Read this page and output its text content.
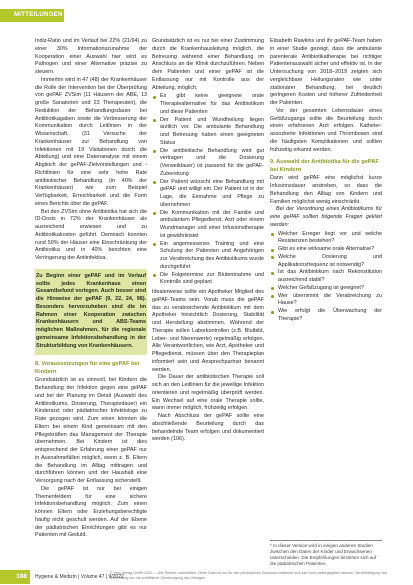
MITTEILUNGEN | KRI

Indiz-Ratio und im Verlauf bei 22% (21/94) zu einer 30% Informationszunahme der Kooperation einer Auswahl hier wird es Pathogen und einer Alternative präzise zu steuern.

Immerhin wird in 47 (48) der Krankenhäuser die Rolle der Intervention bei der Überprüfung von gePAF ZVSim (11 Häusern der ABE, 13 große Sanatorien und 23 Therapeuten), die Reduktion der Behandlungsdauer bei Antibiotikagaben sowie die Verbesserung der Kommunikation durch Leitlinien in der Wissenschaft. (31 Versuche der Krankenhäuser zur Behandlung von Infektionen mit 19 Visitationen durch die Abteilung) und eine Datenanalyse mit einem Abgleich der gePAF-Zielvorstellungen und -Richtlinien für eine sehr hohe Rate antibiotischer Behandlung (in 40% der Krankenhäuser) wie zum Beispiel Verfügbarkeit, Erreichbarkeit und die Form eines Berichts über die gePAF.

Bei den ZVSim ohne Antibiotika hat sich die ID-Dosis in 72% der Krankenhäuser als ausreichend erwiesen und zu Antibiotikakosten geführt. Demnach konnten rund 50% der Häuser eine Einschränkung der Antibiotika und in 40% berichten eine Verringerung der Antiinfektiva.

Zu Beginn einer gePAF und im Verlauf sollte jedes Krankenhaus einen Gesamtbefund vorlegen. Auch besser sind die Hinweise der gePAF (9, 22, 24, 98). Besonders hervorzuheben sind die im Rahmen einer Kooperation zwischen Krankenhäusern und ABS-Teams möglichen Maßnahmen, für die regionale gemeinsame Infektionsbehandlung in der Strukturbildung von Krankenhäusern.
8. Voraussetzungen für eine gePAF bei Kindern

Grundsätzlich ist es sinnvoll, bei Kindern die Behandlung der Infektion gegen eine gePAF und bei der Planung im Detail (Auswahl des Antibiotikums, Dosierung, Therapiedauer) ein Kinderarzt oder pädiatrischer Infektiologe zu Rate gezogen wird. Zum einen könnten die Eltern bei einem Kind gemeinsam mit den Pflegekräften das Management der Therapie übernehmen. Bei Kindern ist dies entsprechend der Erfahrung einer gePAF nur in Ausnahmefällen möglich, wenn z. B. Eltern die Behandlung im Alltag mittragen und durchführen können und der Haushalt eine Versorgung nach der Entlassung sicherstellt.

Die gePAF ist nur bei einigen Themenfeldern für eine sichere Infektionsbehandlung möglich. Zum einen können Eltern oder Erziehungsberechtigte häufig nicht geschult werden. Auf der Ebene der pädiatrischen Einrichtungen gibt es nur Patienten mit Geduld.

Grundsätzlich ist es nur bei einer Zustimmung durch die Krankenhausleitung möglich, die Betreuung während einer Behandlung im Anschluss an die Klinik durchzuführen. Neben dem Patienten und einer gePAF ist die Entlassung nur mit Kontrolle aus der Abteilung, möglich.

Es gibt keine geeignete orale Therapiealternative für das Antibiotikum und diese Patienten
Der Patient und Wundheilung liegen ärztlich vor. Die ambulante Behandlung und Betreuung haben einen geeigneten Status
Die antibiotische Behandlung wird gut vertragen und die Dosierung (Verweildauer) ist passend für die gePAF-Zubereitung
Der Patient wünscht eine Behandlung mit gePAF und willigt ein. Der Patient ist in der Lage, die Einnahme und Pflege zu übernehmen
Die Kommunikation mit der Familie und ambulantem Pflegedienst, Arzt oder einem Wundmanager und einer Infusionstherapie ist gewährleistet
Ein angemessenes Training und eine Schulung der Patienten und Angehörigen zur Verabreichung des Antibiotikums wurde durchgeführt
Die Folgetermine zur Blutentnahme und Kontrolle sind geplant

Idealerweise sollte ein Apotheker Mitglied des gePAF-Teams sein. Vorab muss die gePAF das zu verabreichende Antibiotikum mit dem Apotheker hinsichtlich Dosierung, Stabilität und Herstellung abstimmen. Während der Therapie sollen Laborkontrollen (z.B. Blutbild, Leber- und Nierenwerte) regelmäßig erfolgen. Alle Verantwortlichen, wie Arzt, Apotheker und Pflegedienst, müssen über den Therapieplan informiert sein und Ansprechpartner benannt werden.

Die Dauer der antibiotischen Therapie soll sich an den Leitlinien für die jeweilige Infektion orientieren und regelmäßig überprüft werden. Ein Wechsel auf eine orale Therapie sollte, wann immer möglich, frühzeitig erfolgen.

Nach Abschluss der gePAF sollte eine abschließende Beurteilung durch das behandelnde Team erfolgen und dokumentiert werden (106).

Elisabeth Rawkins und ihr gePAF-Team haben in einer Studie gezeigt, dass die ambulante parenterale Antibiotikatherapie bei richtiger Patientenauswahl sicher und effektiv ist. In der Untersuchung von 2018–2019 zeigten sich vergleichbare Heilungsraten wie unter stationärer Behandlung, bei deutlich geringeren Kosten und höherer Zufriedenheit der Patienten.

Vor der gesamten Lebensdauer eines Gefäßzugangs sollte die Beurteilung durch einen erfahrenen Arzt erfolgen. Katheter-assoziierte Infektionen und Thrombosen sind die häufigsten Komplikationen und sollten frühzeitig erkannt werden.

9. Auswahl der Antibiotika für die gePAF bei Kindern

Dann wird gePAF eine möglichst kurze Infusionsdauer anstreben, so dass die Behandlung den Alltag von Kindern und Familien möglichst wenig einschränkt.

Bei der Verordnung eines Antibiotikums für eine gePAF sollten folgende Fragen geklärt werden:

Welcher Erreger liegt vor und welche Resistenzen bestehen?
Gibt es eine wirksame orale Alternative?
Welche Dosierung und Applikationsfrequenz ist notwendig?
Ist das Antibiotikum nach Rekonstitution ausreichend stabil?
Welcher Gefäßzugang ist geeignet?
Wer übernimmt die Verabreichung zu Hause?
Wie erfolgt die Überwachung der Therapie?
* In dieser Version wird in einigen anderen Studien zwischen den Daten der Kinder und Erwachsenen unterschieden. Die Empfehlungen beziehen sich auf die pädiatrischen Patienten.
188	Hygiene & Medizin | Volume 47 | 9/2022
© mhp-Verlag GmbH 2022 — Alle Rechte vorbehalten. Diese Datei ist nur für den persönlichen Gebrauch bestimmt und darf nicht weitergegeben werden. Vervielfältigung und Verbreitung nur mit schriftlicher Genehmigung des Verlages.
